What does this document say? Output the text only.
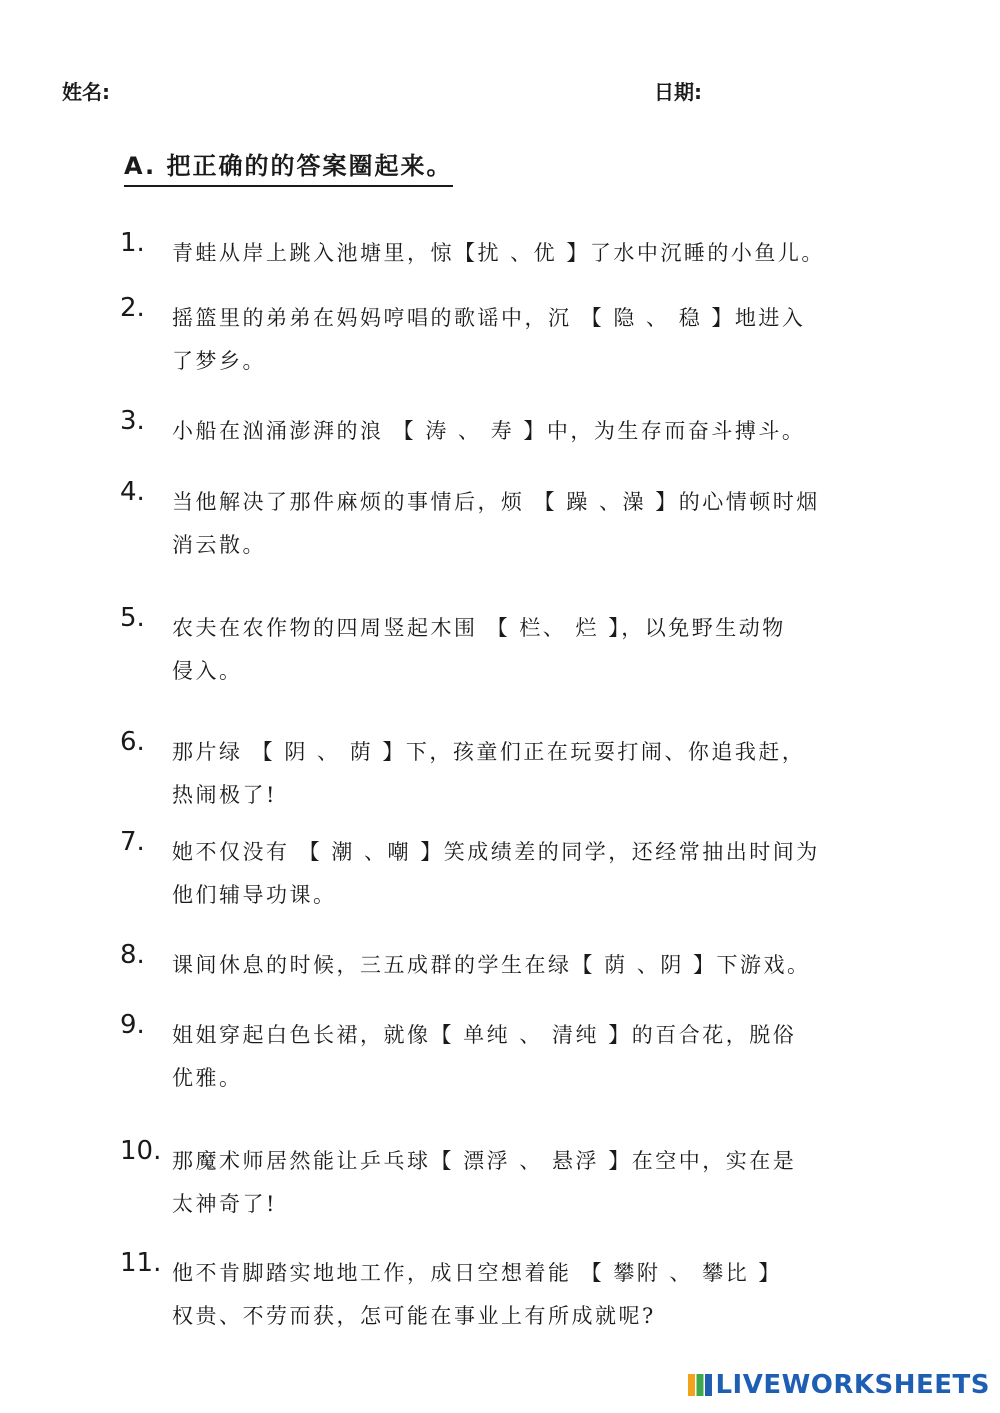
姓名:	日期:
A. 把正确的的答案圈起来。
1. 青蛙从岸上跳入池塘里，惊【扰 、优 】了水中沉睡的小鱼儿。
2. 摇篮里的弟弟在妈妈哼唱的歌谣中，沉 【 隐 、 稳 】地进入
了梦乡。
3. 小船在汹涌澎湃的浪 【 涛 、 寿 】中，为生存而奋斗搏斗。
4. 当他解决了那件麻烦的事情后，烦 【 躁 、澡 】的心情顿时烟
消云散。
5. 农夫在农作物的四周竖起木围 【 栏、 烂 】，以免野生动物
侵入。
6. 那片绿 【 阴 、 荫 】下，孩童们正在玩耍打闹、你追我赶，
热闹极了!
7. 她不仅没有 【 潮 、嘲 】笑成绩差的同学，还经常抽出时间为
他们辅导功课。
8. 课间休息的时候，三五成群的学生在绿【 荫 、阴 】下游戏。
9. 姐姐穿起白色长裙，就像【 单纯 、 清纯 】的百合花，脱俗
优雅。
10. 那魔术师居然能让乒乓球【 漂浮 、 悬浮 】在空中，实在是
太神奇了!
11. 他不肯脚踏实地地工作，成日空想着能 【 攀附 、 攀比 】
权贵、不劳而获，怎可能在事业上有所成就呢?
LIVEWORKSHEETS
